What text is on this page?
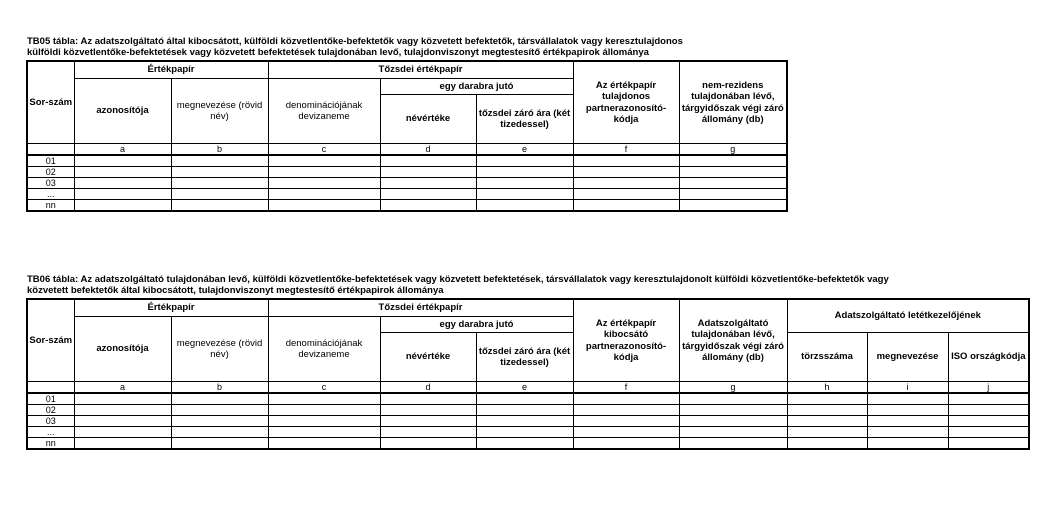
TB05 tábla: Az adatszolgáltató által kibocsátott, külföldi közvetlentőke-befektetők vagy közvetett befektetők, társvállalatok vagy keresztulajdonos
külföldi közvetlentőke-befektetések vagy közvetett befektetések tulajdonában levő, tulajdonviszonyt megtestesítő értékpapirok állománya
Sor-szám	Értékpapír		Tőzsdei értékpapír			Az értékpapír tulajdonos partnerazonosító-kódja	nem-rezidens tulajdonában lévő, tárgyidőszak végi záró állomány (db)
	azonosítója	megnevezése (rövid név)	denominációjának devizaneme	egy darabra jutó			
				névértéke	tőzsdei záró ára (két tizedessel)		
	a	b	c	d	e	f	g
01							
02							
03							
...							
nn							
TB06 tábla: Az adatszolgáltató tulajdonában levő, külföldi közvetlentőke-befektetések vagy közvetett befektetések, társvállalatok vagy keresztulajdonolt külföldi közvetlentőke-befektetők vagy
közvetett befektetők által kibocsátott, tulajdonviszonyt megtestesítő értékpapirok állománya
Sor-szám	Értékpapír		Tőzsdei értékpapír			Az értékpapír kibocsátó partnerazonosító-kódja	Adatszolgáltató tulajdonában lévő, tárgyidőszak végi záró állomány (db)	Adatszolgáltató letétkezelőjének		
	azonosítója	megnevezése (rövid név)	denominációjának devizaneme	egy darabra jutó						
				névértéke	tőzsdei záró ára (két tizedessel)			törzsszáma	megnevezése	ISO országkódja
	a	b	c	d	e	f	g	h	i	j
01										
02										
03										
...										
nn										
